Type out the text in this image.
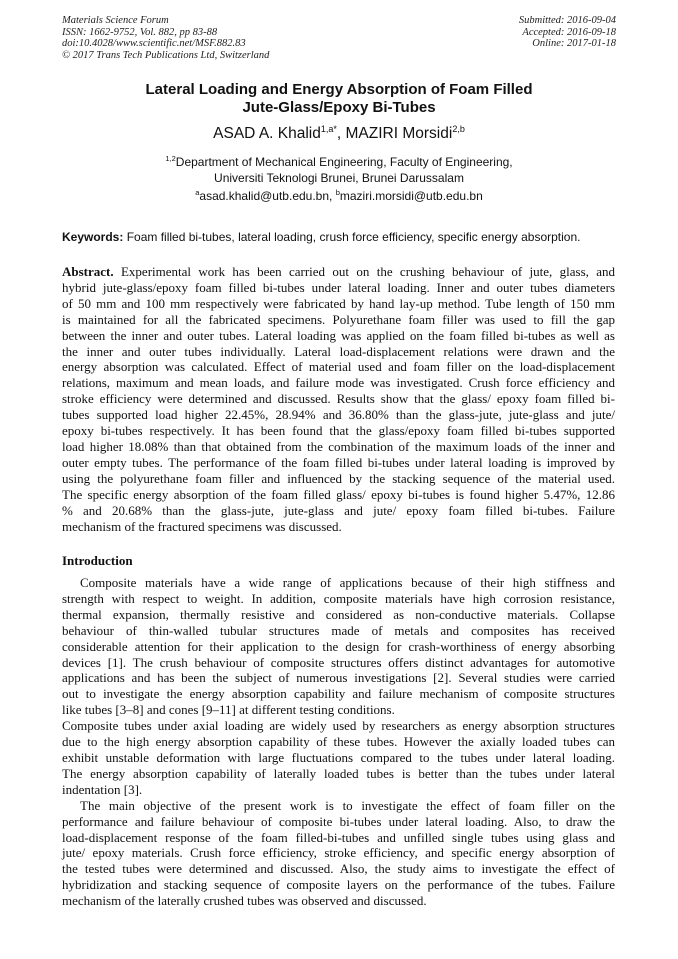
Materials Science Forum
ISSN: 1662-9752, Vol. 882, pp 83-88
doi:10.4028/www.scientific.net/MSF.882.83
© 2017 Trans Tech Publications Ltd, Switzerland
Submitted: 2016-09-04
Accepted: 2016-09-18
Online: 2017-01-18
Lateral Loading and Energy Absorption of Foam Filled
Jute-Glass/Epoxy Bi-Tubes
ASAD A. Khalid$^{1,a*}$, MAZIRI Morsidi$^{2,b}$
$^{1,2}$Department of Mechanical Engineering, Faculty of Engineering,
Universiti Teknologi Brunei, Brunei Darussalam
$^a$asad.khalid@utb.edu.bn, $^b$maziri.morsidi@utb.edu.bn
Keywords: Foam filled bi-tubes, lateral loading, crush force efficiency, specific energy absorption.
Abstract. Experimental work has been carried out on the crushing behaviour of jute, glass, and
hybrid jute-glass/epoxy foam filled bi-tubes under lateral loading. Inner and outer tubes diameters
of 50 mm and 100 mm respectively were fabricated by hand lay-up method. Tube length of 150 mm
is maintained for all the fabricated specimens. Polyurethane foam filler was used to fill the gap
between the inner and outer tubes. Lateral loading was applied on the foam filled bi-tubes as well as
the inner and outer tubes individually. Lateral load-displacement relations were drawn and the
energy absorption was calculated. Effect of material used and foam filler on the load-displacement
relations, maximum and mean loads, and failure mode was investigated. Crush force efficiency and
stroke efficiency were determined and discussed. Results show that the glass/ epoxy foam filled bi-
tubes supported load higher 22.45%, 28.94% and 36.80% than the glass-jute, jute-glass and jute/
epoxy bi-tubes respectively. It has been found that the glass/epoxy foam filled bi-tubes supported
load higher 18.08% than that obtained from the combination of the maximum loads of the inner and
outer empty tubes. The performance of the foam filled bi-tubes under lateral loading is improved by
using the polyurethane foam filler and influenced by the stacking sequence of the material used.
The specific energy absorption of the foam filled glass/ epoxy bi-tubes is found higher 5.47%, 12.86
% and 20.68% than the glass-jute, jute-glass and jute/ epoxy foam filled bi-tubes. Failure
mechanism of the fractured specimens was discussed.
Introduction
Composite materials have a wide range of applications because of their high stiffness and
strength with respect to weight. In addition, composite materials have high corrosion resistance,
thermal expansion, thermally resistive and considered as non-conductive materials. Collapse
behaviour of thin-walled tubular structures made of metals and composites has received
considerable attention for their application to the design for crash-worthiness of energy absorbing
devices [1]. The crush behaviour of composite structures offers distinct advantages for automotive
applications and has been the subject of numerous investigations [2]. Several studies were carried
out to investigate the energy absorption capability and failure mechanism of composite structures
like tubes [3–8] and cones [9–11] at different testing conditions.
Composite tubes under axial loading are widely used by researchers as energy absorption structures
due to the high energy absorption capability of these tubes. However the axially loaded tubes can
exhibit unstable deformation with large fluctuations compared to the tubes under lateral loading.
The energy absorption capability of laterally loaded tubes is better than the tubes under lateral
indentation [3].
The main objective of the present work is to investigate the effect of foam filler on the
performance and failure behaviour of composite bi-tubes under lateral loading. Also, to draw the
load-displacement response of the foam filled-bi-tubes and unfilled single tubes using glass and
jute/ epoxy materials. Crush force efficiency, stroke efficiency, and specific energy absorption of
the tested tubes were determined and discussed. Also, the study aims to investigate the effect of
hybridization and stacking sequence of composite layers on the performance of the tubes. Failure
mechanism of the laterally crushed tubes was observed and discussed.
